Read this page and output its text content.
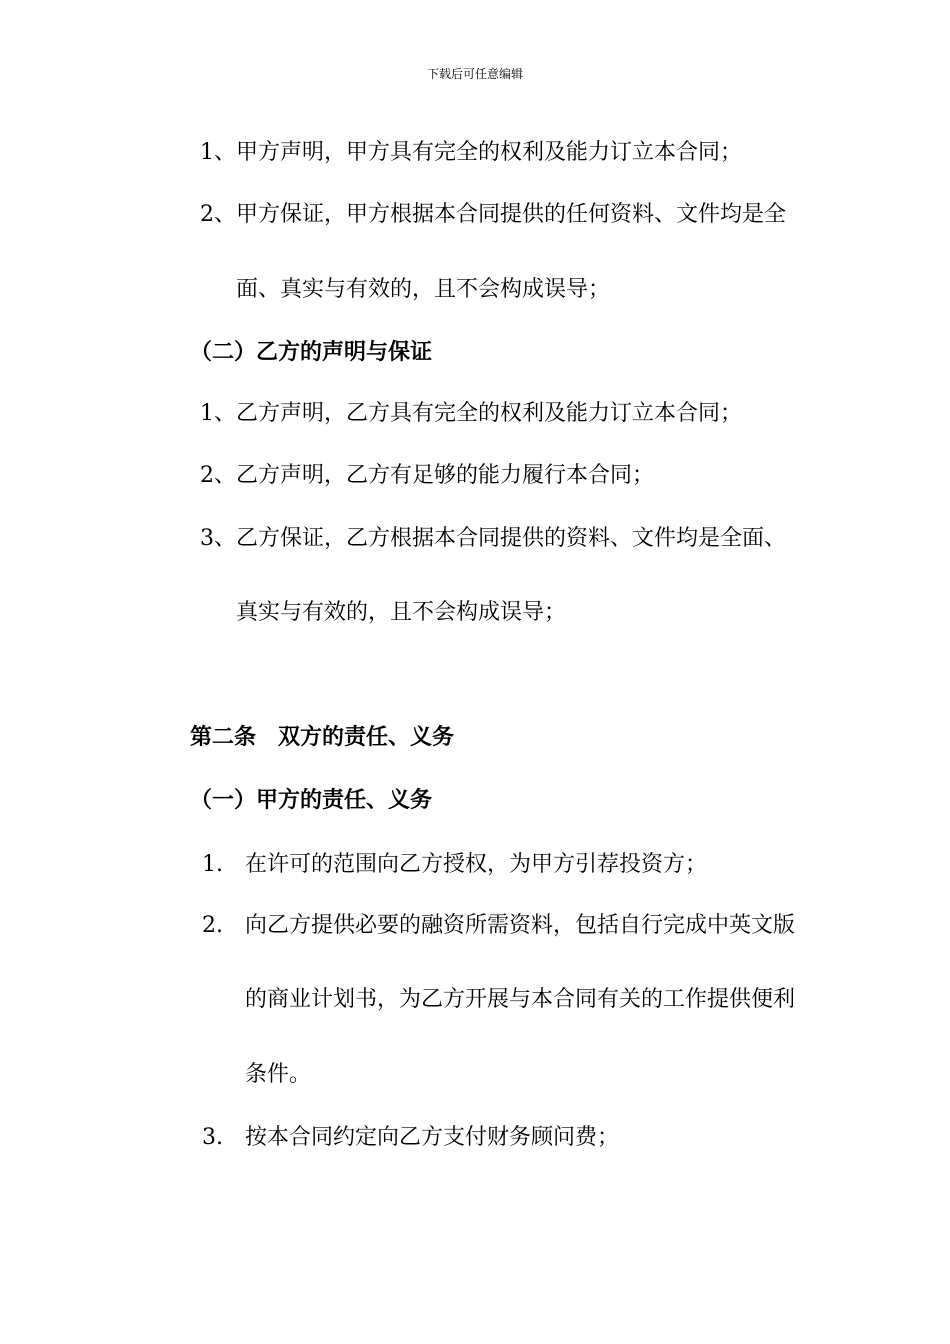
下载后可任意编辑
1、甲方声明，甲方具有完全的权利及能力订立本合同；
2、甲方保证，甲方根据本合同提供的任何资料、文件均是全
面、真实与有效的，且不会构成误导；
（二）乙方的声明与保证
1、乙方声明，乙方具有完全的权利及能力订立本合同；
2、乙方声明，乙方有足够的能力履行本合同；
3、乙方保证，乙方根据本合同提供的资料、文件均是全面、
真实与有效的，且不会构成误导；
第二条　双方的责任、义务
（一）甲方的责任、义务
1. 在许可的范围向乙方授权，为甲方引荐投资方；
2. 向乙方提供必要的融资所需资料，包括自行完成中英文版
的商业计划书，为乙方开展与本合同有关的工作提供便利
条件。
3. 按本合同约定向乙方支付财务顾问费；
